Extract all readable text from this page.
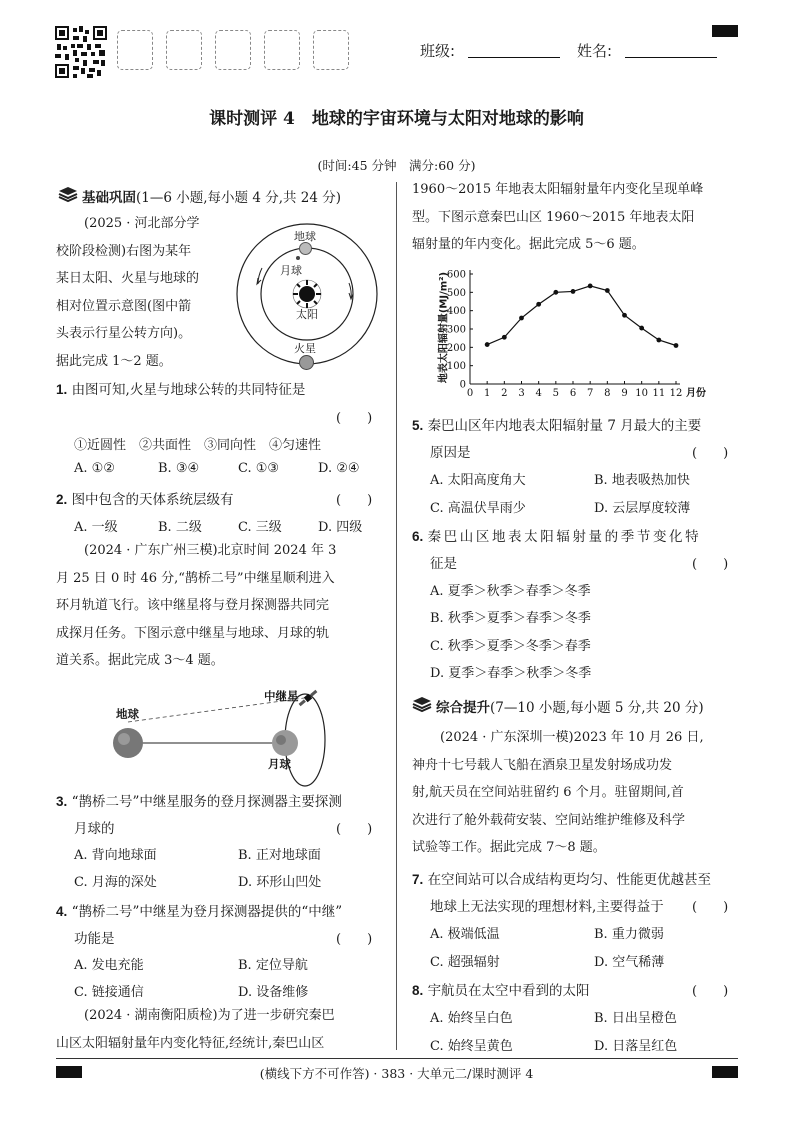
班级:	姓名:
课时测评 4　地球的宇宙环境与太阳对地球的影响
(时间:45 分钟　满分:60 分)
基础巩固(1—6 小题,每小题 4 分,共 24 分)
(2025 · 河北部分学
校阶段检测)右图为某年
某日太阳、火星与地球的
相对位置示意图(图中箭
头表示行星公转方向)。
据此完成 1～2 题。
地球
月球
太阳
火星
1. 由图可知,火星与地球公转的共同特征是
(　　)
①近圆性　②共面性　③同向性　④匀速性
A. ①②	B. ③④	C. ①③	D. ②④
2. 图中包含的天体系统层级有	(　　)
A. 一级	B. 二级	C. 三级	D. 四级
(2024 · 广东广州三模)北京时间 2024 年 3
月 25 日 0 时 46 分,“鹊桥二号”中继星顺利进入
环月轨道飞行。该中继星将与登月探测器共同完
成探月任务。下图示意中继星与地球、月球的轨
道关系。据此完成 3～4 题。
中继星
地球
月球
3. “鹊桥二号”中继星服务的登月探测器主要探测
月球的	(　　)
A. 背向地球面	B. 正对地球面
C. 月海的深处	D. 环形山凹处
4. “鹊桥二号”中继星为登月探测器提供的“中继”
功能是	(　　)
A. 发电充能	B. 定位导航
C. 链接通信	D. 设备维修
(2024 · 湖南衡阳质检)为了进一步研究秦巴
山区太阳辐射量年内变化特征,经统计,秦巴山区
1960～2015 年地表太阳辐射量年内变化呈现单峰
型。下图示意秦巴山区 1960～2015 年地表太阳
辐射量的年内变化。据此完成 5～6 题。
0
100
200
300
400
500
600
0 1 2 3 4 5 6 7 8 9 10 11 12 月份
地表太阳辐射量(MJ/m²)
5. 秦巴山区年内地表太阳辐射量 7 月最大的主要
原因是	(　　)
A. 太阳高度角大	B. 地表吸热加快
C. 高温伏旱雨少	D. 云层厚度较薄
6. 秦巴山区地表太阳辐射量的季节变化特
征是	(　　)
A. 夏季＞秋季＞春季＞冬季
B. 秋季＞夏季＞春季＞冬季
C. 秋季＞夏季＞冬季＞春季
D. 夏季＞春季＞秋季＞冬季
综合提升(7—10 小题,每小题 5 分,共 20 分)
(2024 · 广东深圳一模)2023 年 10 月 26 日,
神舟十七号载人飞船在酒泉卫星发射场成功发
射,航天员在空间站驻留约 6 个月。驻留期间,首
次进行了舱外载荷安装、空间站维护维修及科学
试验等工作。据此完成 7～8 题。
7. 在空间站可以合成结构更均匀、性能更优越甚至
地球上无法实现的理想材料,主要得益于 (　　)
A. 极端低温	B. 重力微弱
C. 超强辐射	D. 空气稀薄
8. 宇航员在太空中看到的太阳	(　　)
A. 始终呈白色	B. 日出呈橙色
C. 始终呈黄色	D. 日落呈红色
(横线下方不可作答) · 383 · 大单元二/课时测评 4
